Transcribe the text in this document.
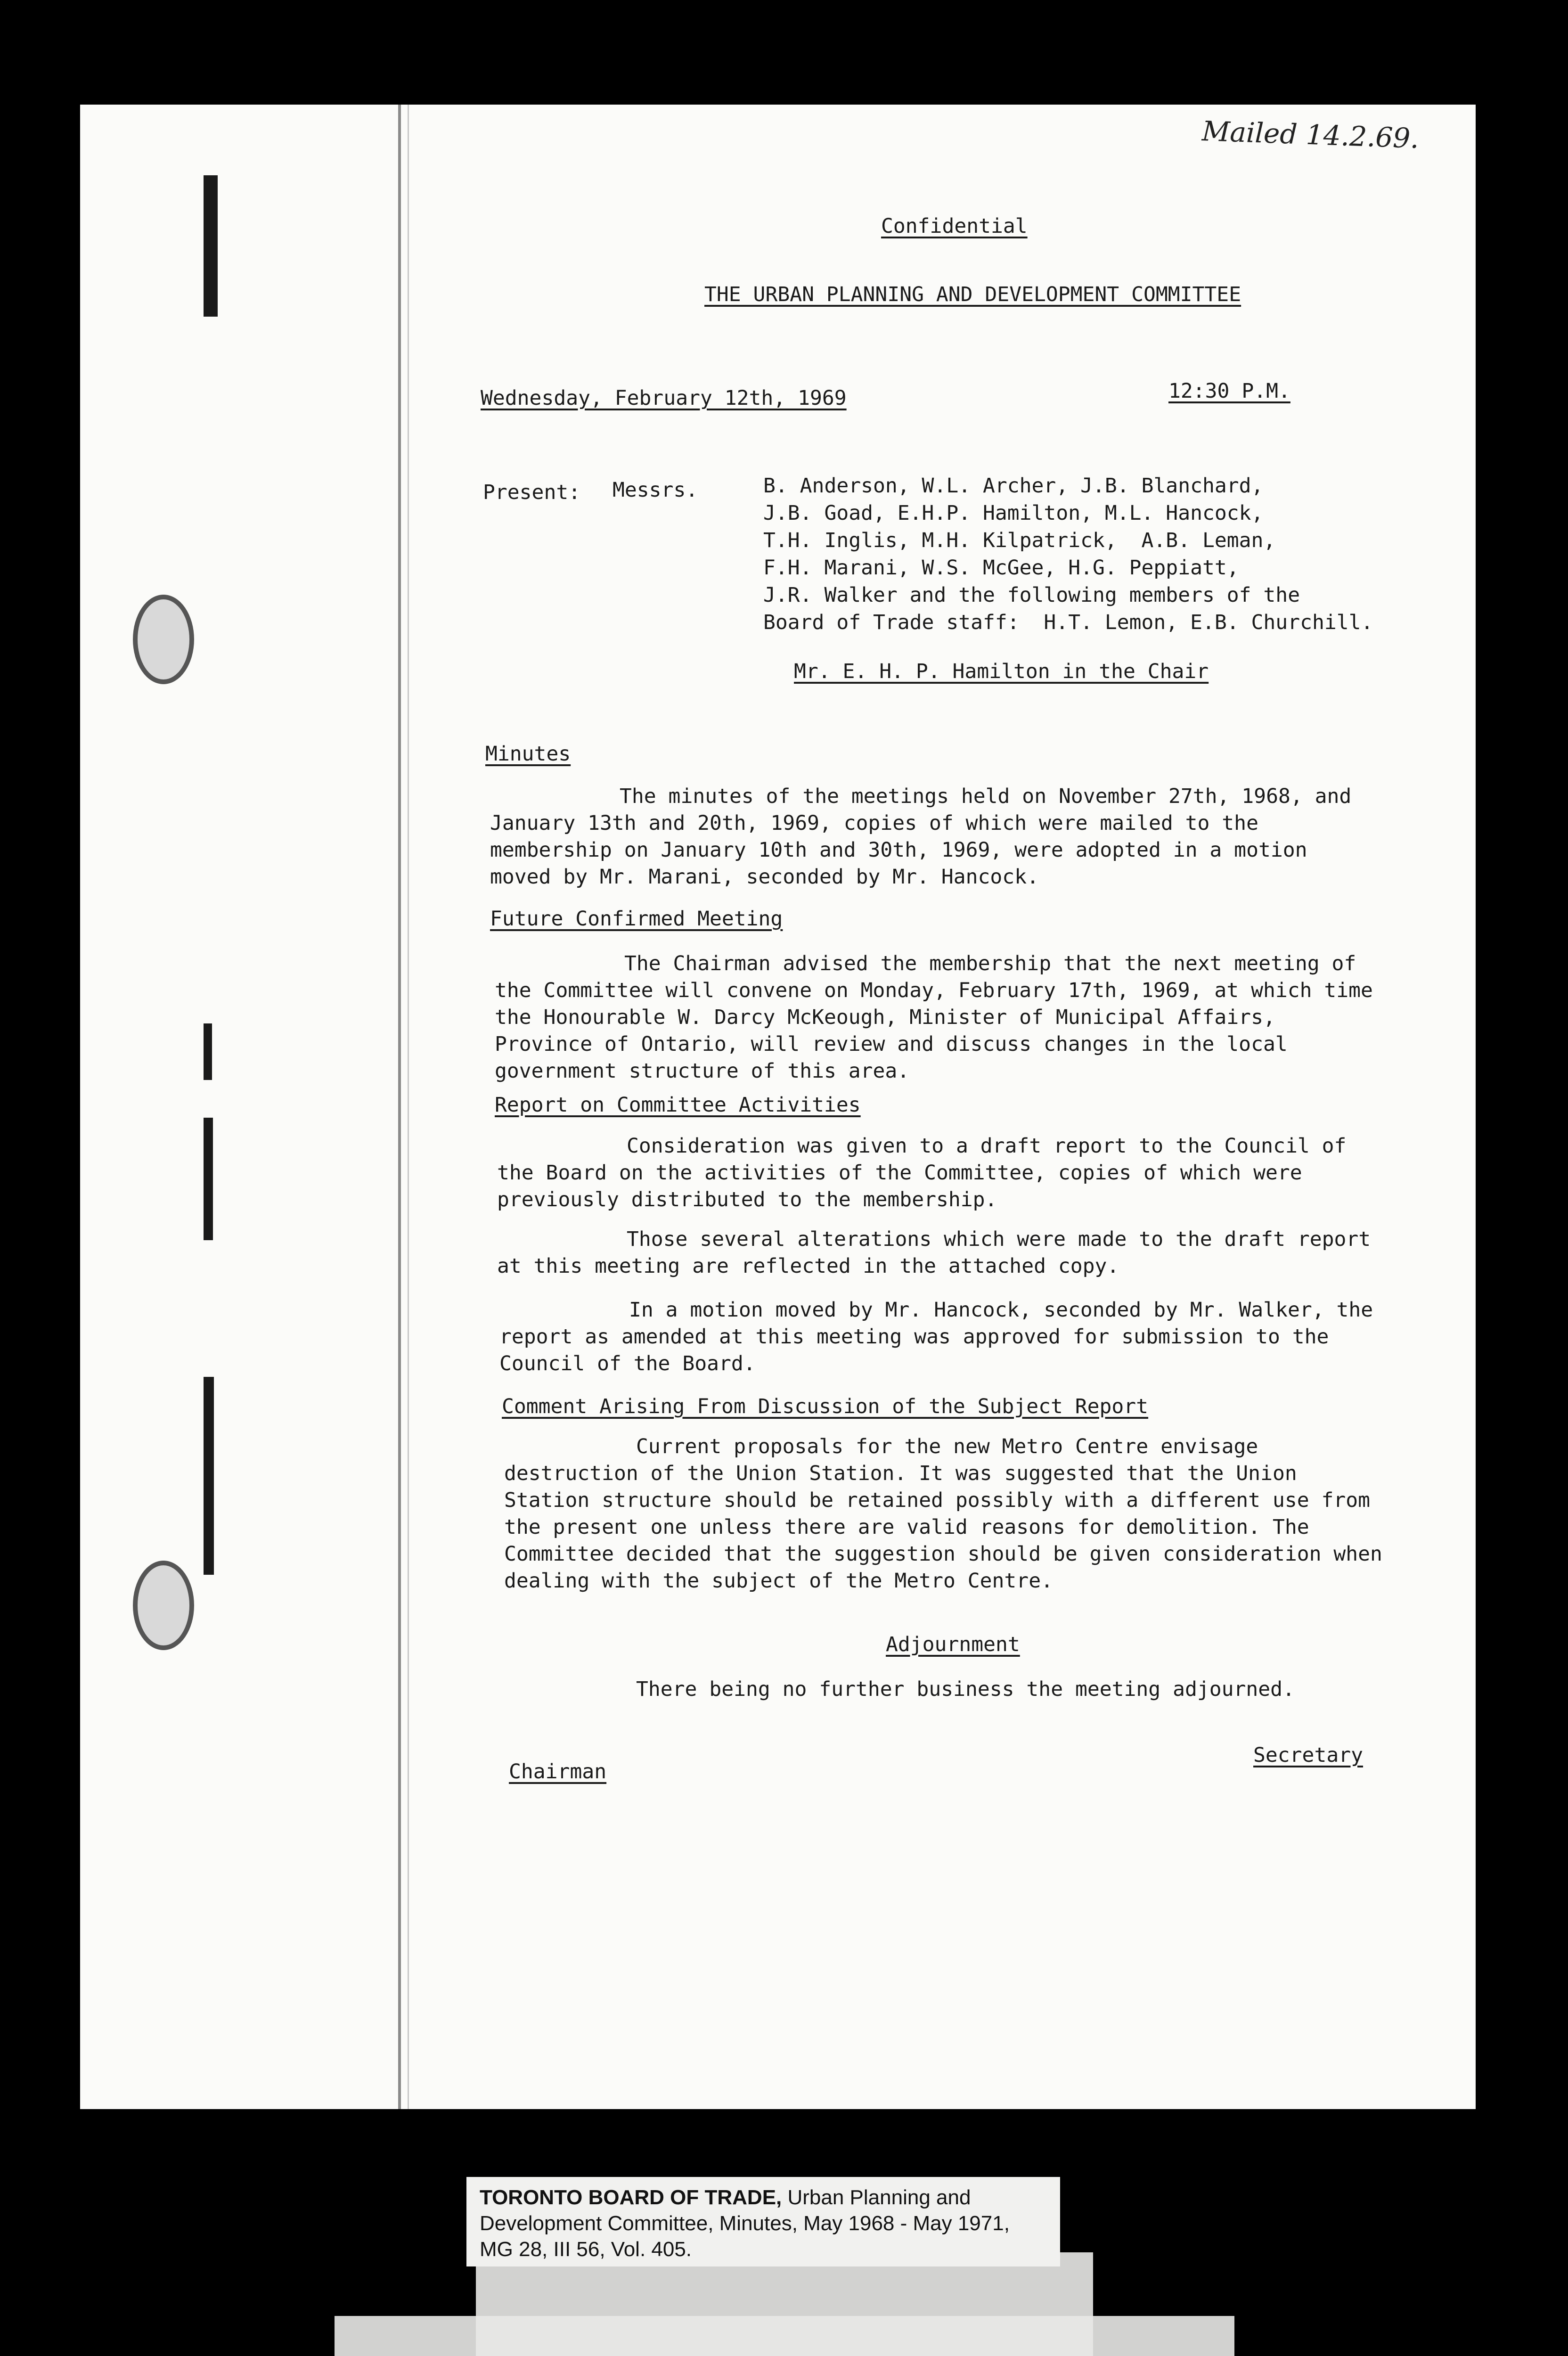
Mailed 14.2.69.
Confidential
THE URBAN PLANNING AND DEVELOPMENT COMMITTEE
Wednesday, February 12th, 1969	12:30 P.M.
Present: Messrs.	B. Anderson, W.L. Archer, J.B. Blanchard,
J.B. Goad, E.H.P. Hamilton, M.L. Hancock,
T.H. Inglis, M.H. Kilpatrick,  A.B. Leman,
F.H. Marani, W.S. McGee, H.G. Peppiatt,
J.R. Walker and the following members of the
Board of Trade staff:  H.T. Lemon, E.B. Churchill.
Mr. E. H. P. Hamilton in the Chair
Minutes
The minutes of the meetings held on November 27th, 1968, and January 13th and 20th, 1969, copies of which were mailed to the membership on January 10th and 30th, 1969, were adopted in a motion moved by Mr. Marani, seconded by Mr. Hancock.
Future Confirmed Meeting
The Chairman advised the membership that the next meeting of the Committee will convene on Monday, February 17th, 1969, at which time the Honourable W. Darcy McKeough, Minister of Municipal Affairs, Province of Ontario, will review and discuss changes in the local government structure of this area.
Report on Committee Activities
Consideration was given to a draft report to the Council of the Board on the activities of the Committee, copies of which were previously distributed to the membership.
Those several alterations which were made to the draft report at this meeting are reflected in the attached copy.
In a motion moved by Mr. Hancock, seconded by Mr. Walker, the report as amended at this meeting was approved for submission to the Council of the Board.
Comment Arising From Discussion of the Subject Report
Current proposals for the new Metro Centre envisage destruction of the Union Station. It was suggested that the Union Station structure should be retained possibly with a different use from the present one unless there are valid reasons for demolition. The Committee decided that the suggestion should be given consideration when dealing with the subject of the Metro Centre.
Adjournment
There being no further business the meeting adjourned.
Secretary
Chairman
TORONTO BOARD OF TRADE, Urban Planning and
Development Committee, Minutes, May 1968 - May 1971,
MG 28, III 56, Vol. 405.
